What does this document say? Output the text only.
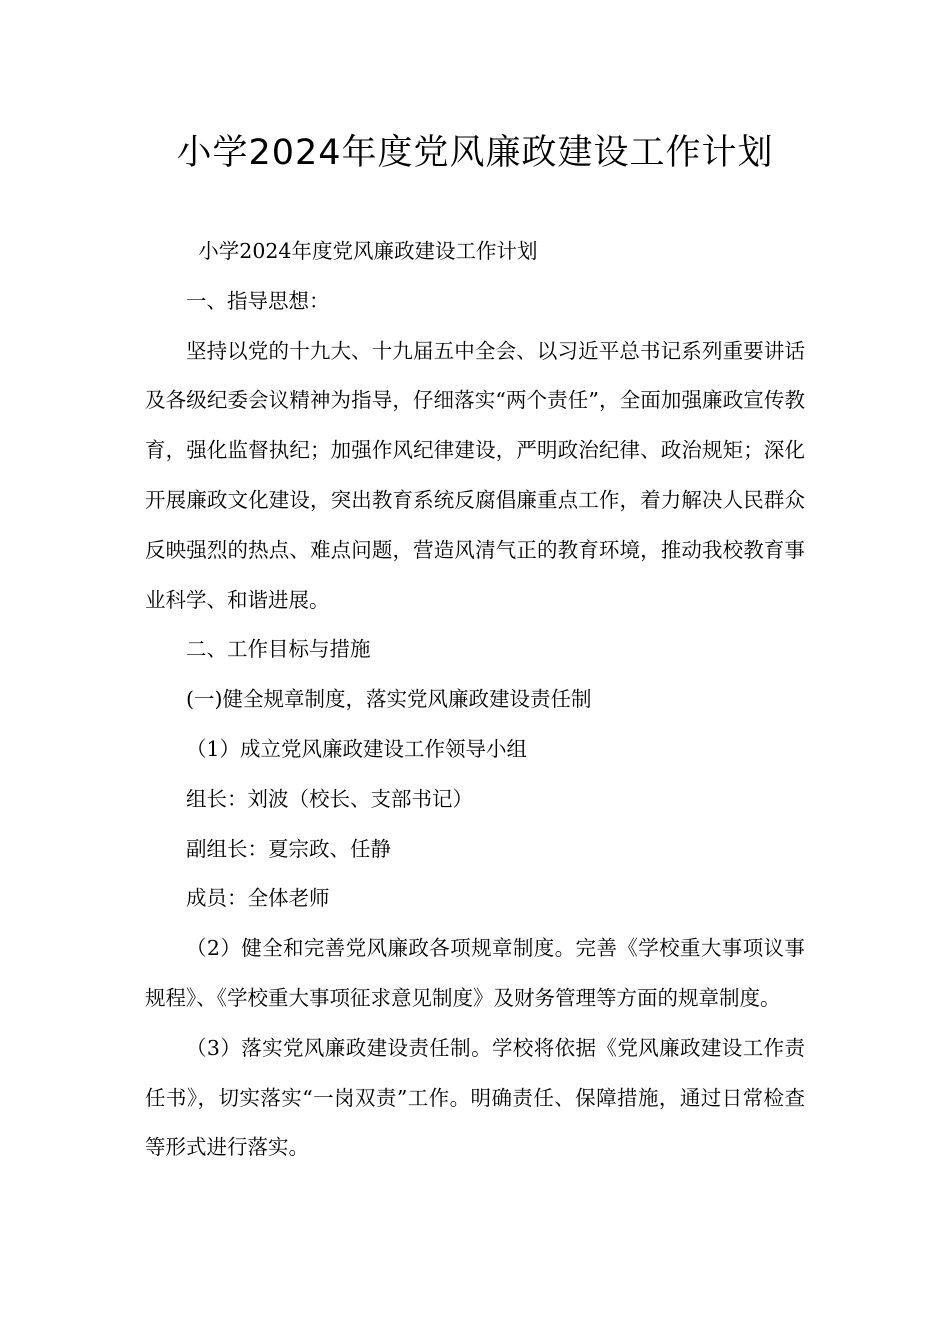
小学2024年度党风廉政建设工作计划

小学2024年度党风廉政建设工作计划

一、指导思想：

坚持以党的十九大、十九届五中全会、以习近平总书记系列重要讲话及各级纪委会议精神为指导，仔细落实“两个责任”，全面加强廉政宣传教育，强化监督执纪；加强作风纪律建设，严明政治纪律、政治规矩；深化开展廉政文化建设，突出教育系统反腐倡廉重点工作，着力解决人民群众反映强烈的热点、难点问题，营造风清气正的教育环境，推动我校教育事业科学、和谐进展。

二、工作目标与措施

(一)健全规章制度，落实党风廉政建设责任制

（1）成立党风廉政建设工作领导小组

组长：刘波（校长、支部书记）

副组长：夏宗政、任静

成员：全体老师

（2）健全和完善党风廉政各项规章制度。完善《学校重大事项议事规程》、《学校重大事项征求意见制度》及财务管理等方面的规章制度。

（3）落实党风廉政建设责任制。学校将依据《党风廉政建设工作责任书》，切实落实“一岗双责”工作。明确责任、保障措施，通过日常检查等形式进行落实。
